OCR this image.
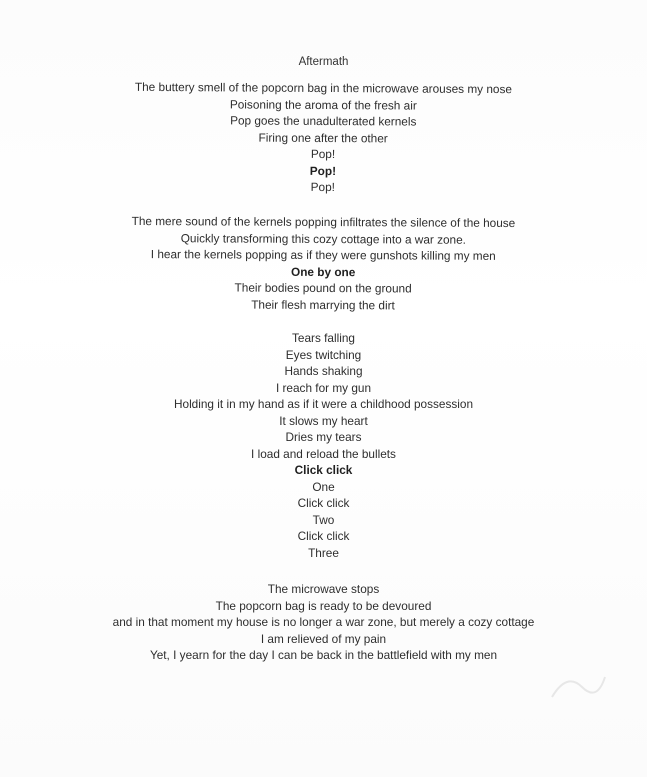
Aftermath
The buttery smell of the popcorn bag in the microwave arouses my nose
Poisoning the aroma of the fresh air
Pop goes the unadulterated kernels
Firing one after the other
Pop!
Pop!
Pop!
The mere sound of the kernels popping infiltrates the silence of the house
Quickly transforming this cozy cottage into a war zone.
I hear the kernels popping as if they were gunshots killing my men
One by one
Their bodies pound on the ground
Their flesh marrying the dirt
Tears falling
Eyes twitching
Hands shaking
I reach for my gun
Holding it in my hand as if it were a childhood possession
It slows my heart
Dries my tears
I load and reload the bullets
Click click
One
Click click
Two
Click click
Three
The microwave stops
The popcorn bag is ready to be devoured
and in that moment my house is no longer a war zone, but merely a cozy cottage
I am relieved of my pain
Yet, I yearn for the day I can be back in the battlefield with my men
